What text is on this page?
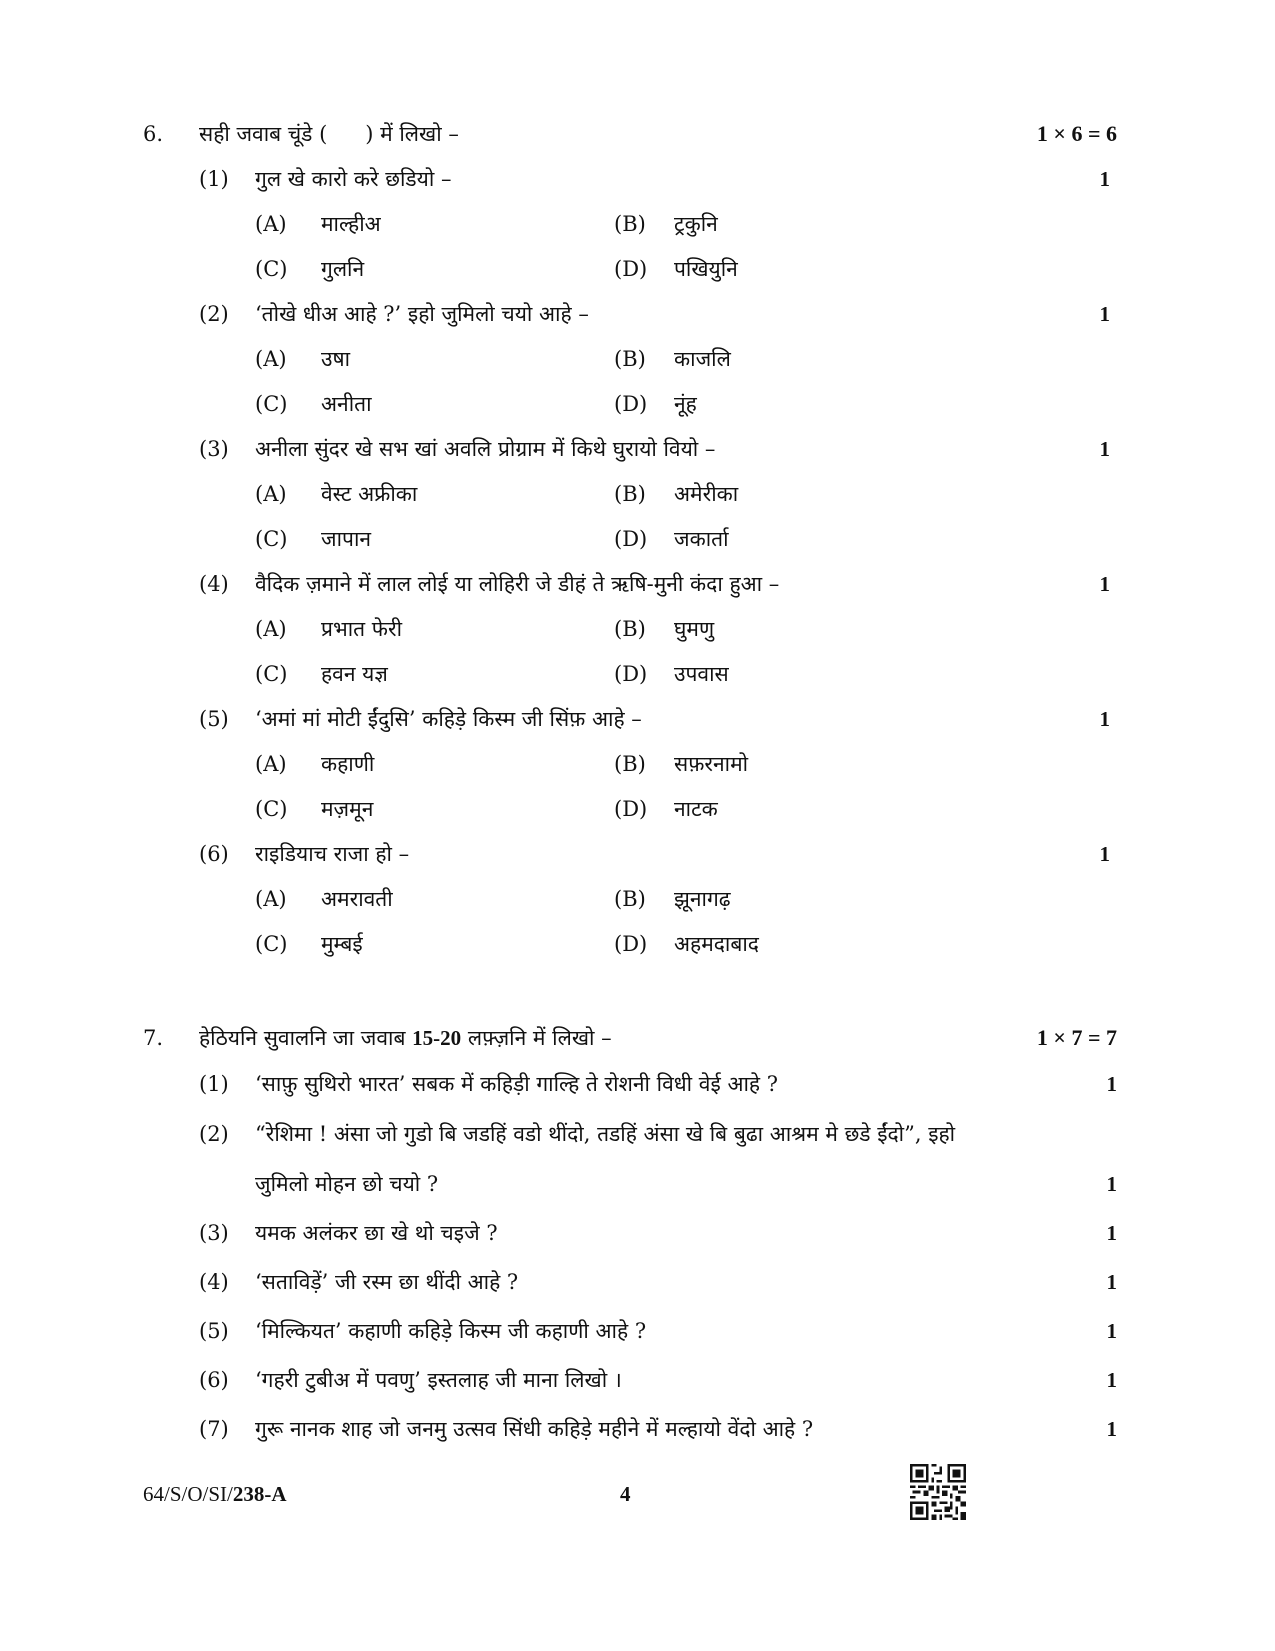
6. सही जवाब चूंडे ( ) में लिखो –	1 × 6 = 6
(1) गुल खे कारो करे छडियो –	1
(A) माल्हीअ	(B) ट्रकुनि
(C) गुलनि	(D) पखियुनि
(2) ‘तोखे धीअ आहे ?’ इहो जुमिलो चयो आहे –	1
(A) उषा	(B) काजलि
(C) अनीता	(D) नूंह
(3) अनीला सुंदर खे सभ खां अवलि प्रोग्राम में किथे घुरायो वियो –	1
(A) वेस्ट अफ्रीका	(B) अमेरीका
(C) जापान	(D) जकार्ता
(4) वैदिक ज़माने में लाल लोई या लोहिरी जे डीहं ते ऋषि-मुनी कंदा हुआ –	1
(A) प्रभात फेरी	(B) घुमणु
(C) हवन यज्ञ	(D) उपवास
(5) ‘अमां मां मोटी ईंदुसि’ कहिड़े किस्म जी सिंफ़ आहे –	1
(A) कहाणी	(B) सफ़रनामो
(C) मज़मून	(D) नाटक
(6) राइडियाच राजा हो –	1
(A) अमरावती	(B) झूनागढ़
(C) मुम्बई	(D) अहमदाबाद
7. हेठियनि सुवालनि जा जवाब 15-20 लफ़्ज़नि में लिखो –	1 × 7 = 7
(1) ‘साफ़ु सुथिरो भारत’ सबक में कहिड़ी गाल्हि ते रोशनी विधी वेई आहे ?	1
(2) “रेशिमा ! अंसा जो गुडो बि जडहिं वडो थींदो, तडहिं अंसा खे बि बुढा आश्रम मे छडे ईंदो”, इहो
जुमिलो मोहन छो चयो ?	1
(3) यमक अलंकर छा खे थो चइजे ?	1
(4) ‘सताविड़ें’ जी रस्म छा थींदी आहे ?	1
(5) ‘मिल्कियत’ कहाणी कहिड़े किस्म जी कहाणी आहे ?	1
(6) ‘गहरी टुबीअ में पवणु’ इस्तलाह जी माना लिखो ।	1
(7) गुरू नानक शाह जो जनमु उत्सव सिंधी कहिड़े महीने में मल्हायो वेंदो आहे ?	1
64/S/O/SI/238-A	4
